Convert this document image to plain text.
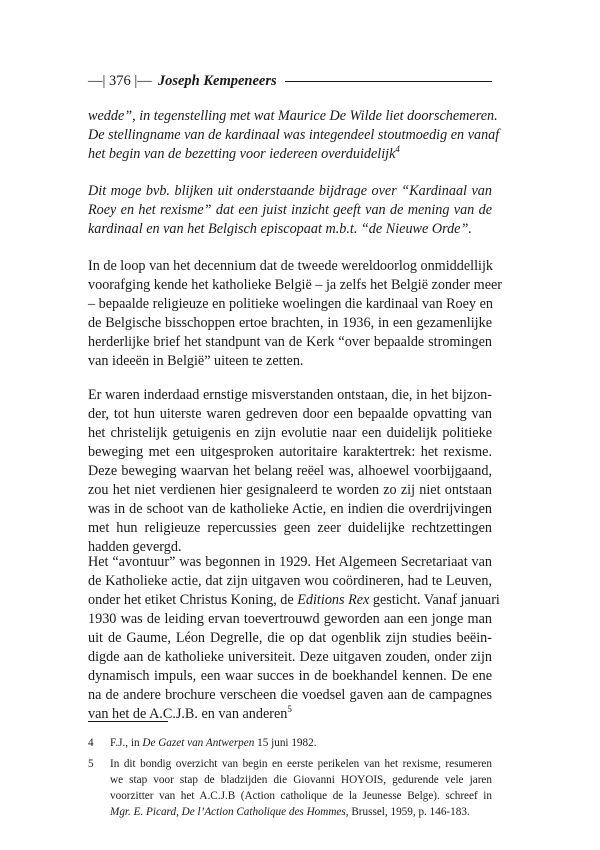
—| 376 |— Joseph Kempeneers
wedde”, in tegenstelling met wat Maurice De Wilde liet doorschemeren.
De stellingname van de kardinaal was integendeel stoutmoedig en vanaf
het begin van de bezetting voor iedereen overduidelijk$^4$
Dit moge bvb. blijken uit onderstaande bijdrage over “Kardinaal van
Roey en het rexisme” dat een juist inzicht geeft van de mening van de
kardinaal en van het Belgisch episcopaat m.b.t. “de Nieuwe Orde”.
In de loop van het decennium dat de tweede wereldoorlog onmiddellijk
voorafging kende het katholieke België – ja zelfs het België zonder meer
– bepaalde religieuze en politieke woelingen die kardinaal van Roey en
de Belgische bisschoppen ertoe brachten, in 1936, in een gezamenlijke
herderlijke brief het standpunt van de Kerk “over bepaalde stromingen
van ideeën in België” uiteen te zetten.
Er waren inderdaad ernstige misverstanden ontstaan, die, in het bijzon-
der, tot hun uiterste waren gedreven door een bepaalde opvatting van
het christelijk getuigenis en zijn evolutie naar een duidelijk politieke
beweging met een uitgesproken autoritaire karaktertrek: het rexisme.
Deze beweging waarvan het belang reëel was, alhoewel voorbijgaand,
zou het niet verdienen hier gesignaleerd te worden zo zij niet ontstaan
was in de schoot van de katholieke Actie, en indien die overdrijvingen
met hun religieuze repercussies geen zeer duidelijke rechtzettingen
hadden gevergd.
Het “avontuur” was begonnen in 1929. Het Algemeen Secretariaat van
de Katholieke actie, dat zijn uitgaven wou coördineren, had te Leuven,
onder het etiket Christus Koning, de Editions Rex gesticht. Vanaf januari
1930 was de leiding ervan toevertrouwd geworden aan een jonge man
uit de Gaume, Léon Degrelle, die op dat ogenblik zijn studies beëin-
digde aan de katholieke universiteit. Deze uitgaven zouden, onder zijn
dynamisch impuls, een waar succes in de boekhandel kennen. De ene
na de andere brochure verscheen die voedsel gaven aan de campagnes
van het de A.C.J.B. en van anderen$^5$
4	F.J., in De Gazet van Antwerpen 15 juni 1982.
5	In dit bondig overzicht van begin en eerste perikelen van het rexisme, resumeren
we stap voor stap de bladzijden die Giovanni HOYOIS, gedurende vele jaren
voorzitter van het A.C.J.B (Action catholique de la Jeunesse Belge). schreef in
Mgr. E. Picard, De l’Action Catholique des Hommes, Brussel, 1959, p. 146-183.
